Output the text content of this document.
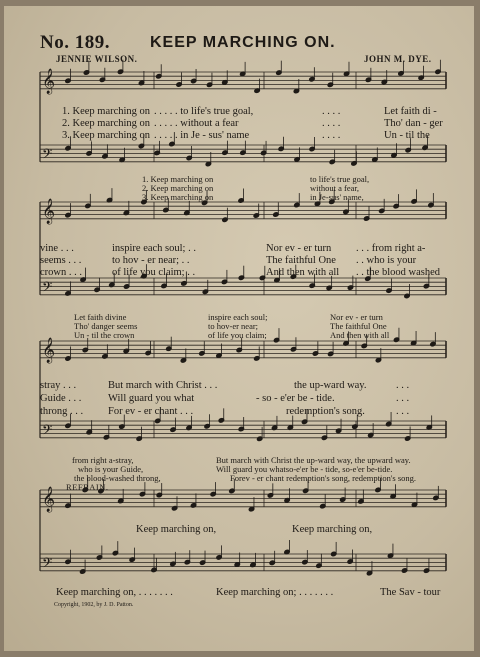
No. 189.	KEEP MARCHING ON.
JENNIE WILSON.	JOHN M. DYE.
𝄞
𝄢
𝄞
𝄢
𝄞
𝄢
𝄞
𝄢
1. Keep marching on . . . . . to life's true goal,	. . . .	Let faith di -
2. Keep marching on . . . . . without a fear	. . . .	Tho' dan - ger
3. Keep marching on . . . . . in Je - sus' name	. . . .	Un - til the
1. Keep marching on	to life's true goal,
2. Keep marching on	without a fear,
3. Keep marching on	in Je-sus' name,
vine . . .	inspire each soul; . .	Nor ev - er turn . . . from right a-
seems . . .	to hov - er near; . .	The faithful One . . who is your
crown . . .	of life you claim; . .	And then with all . . the blood washed
Let faith divine	inspire each soul;	Nor ev - er turn
Tho' danger seems	to hov-er near;	The faithful One
Un - til the crown	of life you claim;	And then with all
stray . . .	But march with Christ . . .	the up-ward way.	. . .
Guide . . .	Will guard you what	- so - e'er be - tide.	. . .
throng . . . For ev - er chant . . .	redemption's song.	. . .
from right a-stray,	But march with Christ the up-ward way, the upward way.
who is your Guide,	Will guard you whatso-e'er be - tide, so-e'er be-tide.
the blood-washed throng,	Forev - er chant redemption's song, redemption's song.
REFRAIN.
Keep marching on,	Keep marching on,
Keep marching on, . . . . . . .	Keep marching on; . . . . . . .	The Sav - tour
Copyright, 1902, by J. D. Patton.
